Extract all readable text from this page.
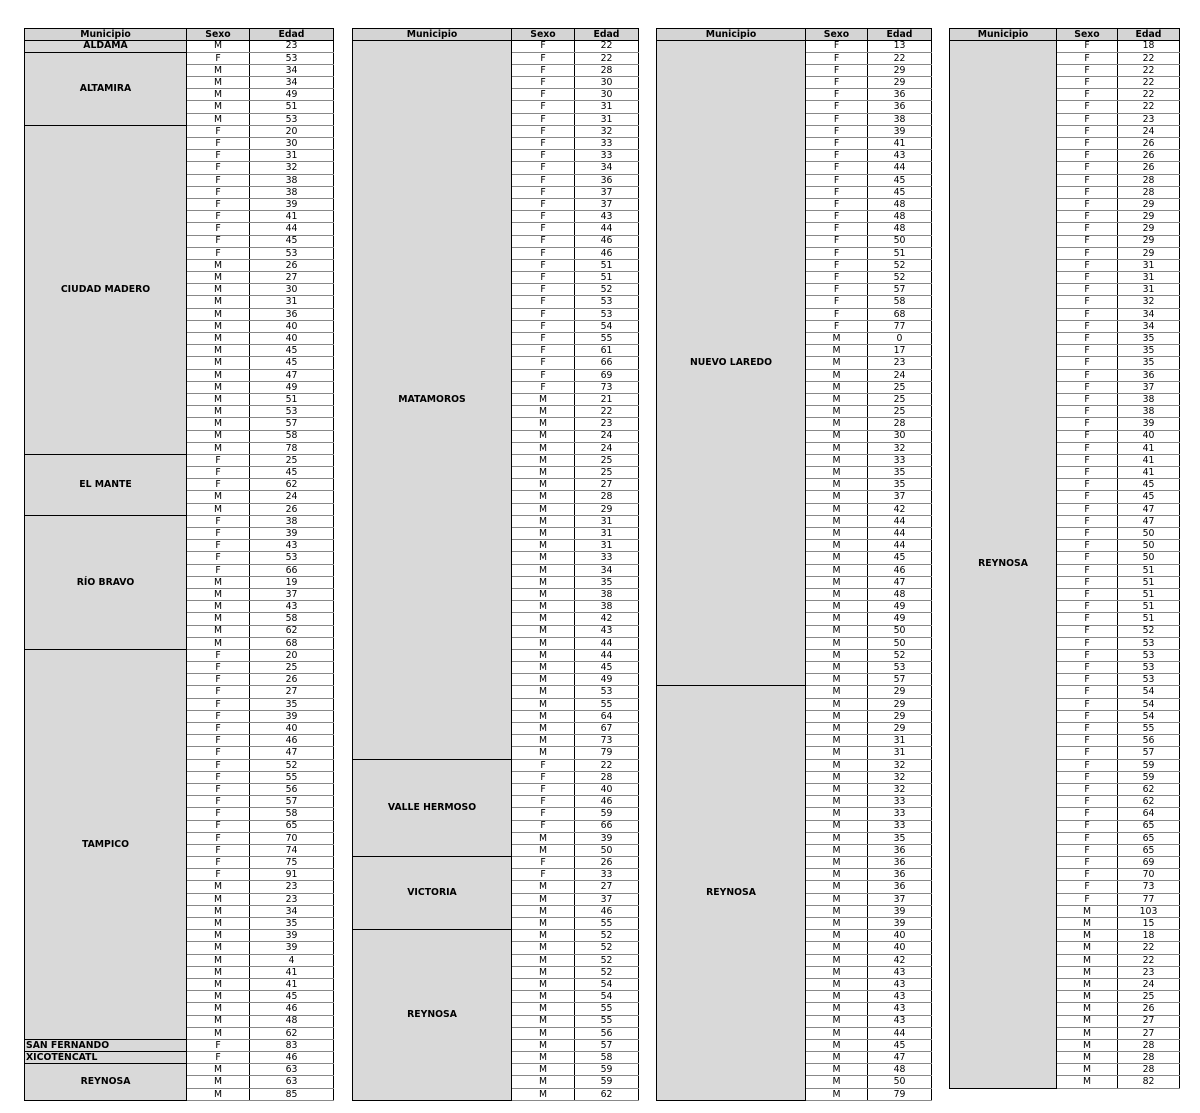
Municipio	Sexo	Edad
ALDAMA	M	23
ALTAMIRA	F	53
	M	34
	M	34
	M	49
	M	51
	M	53
CIUDAD MADERO	F	20
	F	30
	F	31
	F	32
	F	38
	F	38
	F	39
	F	41
	F	44
	F	45
	F	53
	M	26
	M	27
	M	30
	M	31
	M	36
	M	40
	M	40
	M	45
	M	45
	M	47
	M	49
	M	51
	M	53
	M	57
	M	58
	M	78
EL MANTE	F	25
	F	45
	F	62
	M	24
	M	26
RÍO BRAVO	F	38
	F	39
	F	43
	F	53
	F	66
	M	19
	M	37
	M	43
	M	58
	M	62
	M	68
TAMPICO	F	20
	F	25
	F	26
	F	27
	F	35
	F	39
	F	40
	F	46
	F	47
	F	52
	F	55
	F	56
	F	57
	F	58
	F	65
	F	70
	F	74
	F	75
	F	91
	M	23
	M	23
	M	34
	M	35
	M	39
	M	39
	M	4
	M	41
	M	41
	M	45
	M	46
	M	48
	M	62
SAN FERNANDO	F	83
XICOTÉNCATL	F	46
REYNOSA	M	63
	M	63
	M	85
Municipio	Sexo	Edad
MATAMOROS	F	22
	F	22
	F	28
	F	30
	F	30
	F	31
	F	31
	F	32
	F	33
	F	33
	F	34
	F	36
	F	37
	F	37
	F	43
	F	44
	F	46
	F	46
	F	51
	F	51
	F	52
	F	53
	F	53
	F	54
	F	55
	F	61
	F	66
	F	69
	F	73
	M	21
	M	22
	M	23
	M	24
	M	24
	M	25
	M	25
	M	27
	M	28
	M	29
	M	31
	M	31
	M	31
	M	33
	M	34
	M	35
	M	38
	M	38
	M	42
	M	43
	M	44
	M	44
	M	45
	M	49
	M	53
	M	55
	M	64
	M	67
	M	73
	M	79
VALLE HERMOSO	F	22
	F	28
	F	40
	F	46
	F	59
	F	66
	M	39
	M	50
VICTORIA	F	26
	F	33
	M	27
	M	37
	M	46
	M	55
REYNOSA	M	52
	M	52
	M	52
	M	52
	M	54
	M	54
	M	55
	M	55
	M	56
	M	57
	M	58
	M	59
	M	59
	M	62
Municipio	Sexo	Edad
NUEVO LAREDO	F	13
	F	22
	F	29
	F	29
	F	36
	F	36
	F	38
	F	39
	F	41
	F	43
	F	44
	F	45
	F	45
	F	48
	F	48
	F	48
	F	50
	F	51
	F	52
	F	52
	F	57
	F	58
	F	68
	F	77
	M	0
	M	17
	M	23
	M	24
	M	25
	M	25
	M	25
	M	28
	M	30
	M	32
	M	33
	M	35
	M	35
	M	37
	M	42
	M	44
	M	44
	M	44
	M	45
	M	46
	M	47
	M	48
	M	49
	M	49
	M	50
	M	50
	M	52
	M	53
	M	57
REYNOSA	M	29
	M	29
	M	29
	M	29
	M	31
	M	31
	M	32
	M	32
	M	32
	M	33
	M	33
	M	33
	M	35
	M	36
	M	36
	M	36
	M	36
	M	37
	M	39
	M	39
	M	40
	M	40
	M	42
	M	43
	M	43
	M	43
	M	43
	M	43
	M	44
	M	45
	M	47
	M	48
	M	50
	M	79
Municipio	Sexo	Edad
REYNOSA	F	18
	F	22
	F	22
	F	22
	F	22
	F	22
	F	23
	F	24
	F	26
	F	26
	F	26
	F	28
	F	28
	F	29
	F	29
	F	29
	F	29
	F	29
	F	31
	F	31
	F	31
	F	32
	F	34
	F	34
	F	35
	F	35
	F	35
	F	36
	F	37
	F	38
	F	38
	F	39
	F	40
	F	41
	F	41
	F	41
	F	45
	F	45
	F	47
	F	47
	F	50
	F	50
	F	50
	F	51
	F	51
	F	51
	F	51
	F	51
	F	52
	F	53
	F	53
	F	53
	F	53
	F	54
	F	54
	F	54
	F	55
	F	56
	F	57
	F	59
	F	59
	F	62
	F	62
	F	64
	F	65
	F	65
	F	65
	F	69
	F	70
	F	73
	F	77
	M	103
	M	15
	M	18
	M	22
	M	22
	M	23
	M	24
	M	25
	M	26
	M	27
	M	27
	M	28
	M	28
	M	28
	M	82
